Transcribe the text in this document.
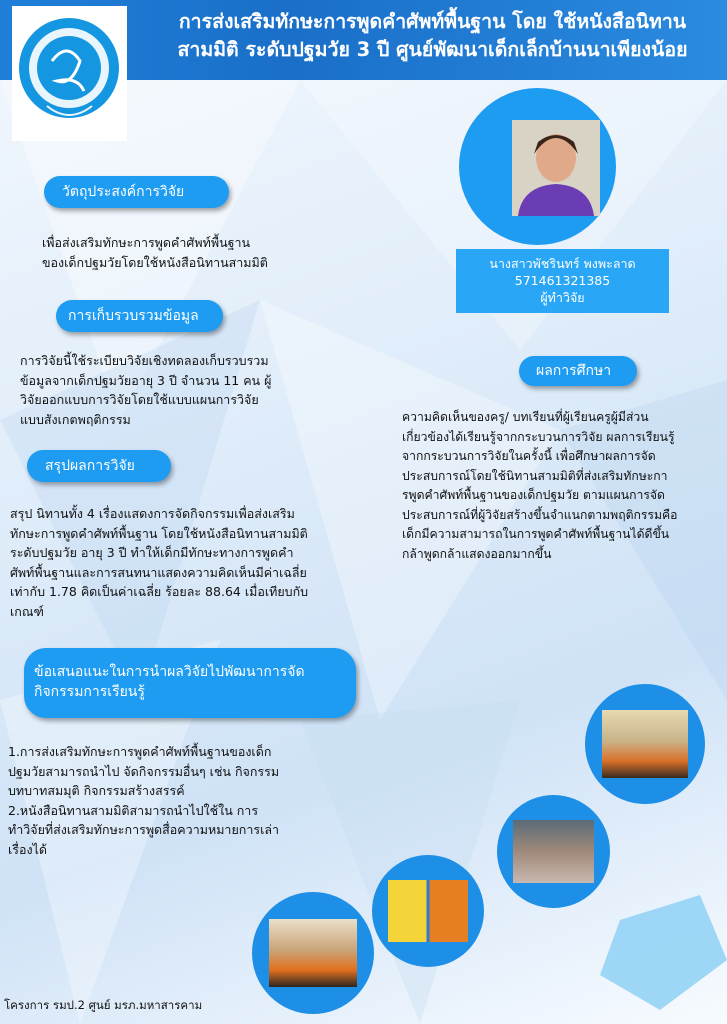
การส่งเสริมทักษะการพูดคำศัพท์พื้นฐาน โดย ใช้หนังสือนิทาน
สามมิติ ระดับปฐมวัย 3 ปี ศูนย์พัฒนาเด็กเล็กบ้านนาเพียงน้อย
วัตถุประสงค์การวิจัย
เพื่อส่งเสริมทักษะการพูดคำศัพท์พื้นฐาน
ของเด็กปฐมวัยโดยใช้หนังสือนิทานสามมิติ
การเก็บรวบรวมข้อมูล
การวิจัยนี้ใช้ระเบียบวิจัยเชิงทดลองเก็บรวบรวม
ข้อมูลจากเด็กปฐมวัยอายุ 3 ปี จำนวน 11 คน ผู้
วิจัยออกแบบการวิจัยโดยใช้แบบแผนการวิจัย
แบบสังเกตพฤติกรรม
สรุปผลการวิจัย
สรุป นิทานทั้ง 4 เรื่องแสดงการจัดกิจกรรมเพื่อส่งเสริม
ทักษะการพูดคำศัพท์พื้นฐาน โดยใช้หนังสือนิทานสามมิติ
ระดับปฐมวัย อายุ 3 ปี ทำให้เด็กมีทักษะทางการพูดคำ
ศัพท์พื้นฐานและการสนทนาแสดงความคิดเห็นมีค่าเฉลี่ย
เท่ากับ 1.78 คิดเป็นค่าเฉลี่ย ร้อยละ 88.64 เมื่อเทียบกับ
เกณฑ์
ข้อเสนอแนะในการนำผลวิจัยไปพัฒนาการจัด
กิจกรรมการเรียนรู้
1.การส่งเสริมทักษะการพูดคำศัพท์พื้นฐานของเด็ก
ปฐมวัยสามารถนำไป จัดกิจกรรมอื่นๆ เช่น กิจกรรม
บทบาทสมมุติ กิจกรรมสร้างสรรค์
2.หนังสือนิทานสามมิติสามารถนำไปใช้ใน การ
ทำวิจัยที่ส่งเสริมทักษะการพูดสื่อความหมายการเล่า
เรื่องได้
นางสาวพัชรินทร์ พงพะลาด
571461321385
ผู้ทำวิจัย
ผลการศึกษา
ความคิดเห็นของครู/ บทเรียนที่ผู้เรียนครูผู้มีส่วน
เกี่ยวข้องได้เรียนรู้จากกระบวนการวิจัย ผลการเรียนรู้
จากกระบวนการวิจัยในครั้งนี้ เพื่อศึกษาผลการจัด
ประสบการณ์โดยใช้นิทานสามมิติที่ส่งเสริมทักษะกา
รพูดคำศัพท์พื้นฐานของเด็กปฐมวัย ตามแผนการจัด
ประสบการณ์ที่ผู้วิจัยสร้างขึ้นจำแนกตามพฤติกรรมคือ
เด็กมีความสามารถในการพูดคำศัพท์พื้นฐานได้ดีขึ้น
กล้าพูดกล้าแสดงออกมากขึ้น
โครงการ รมป.2 ศูนย์ มรภ.มหาสารคาม
